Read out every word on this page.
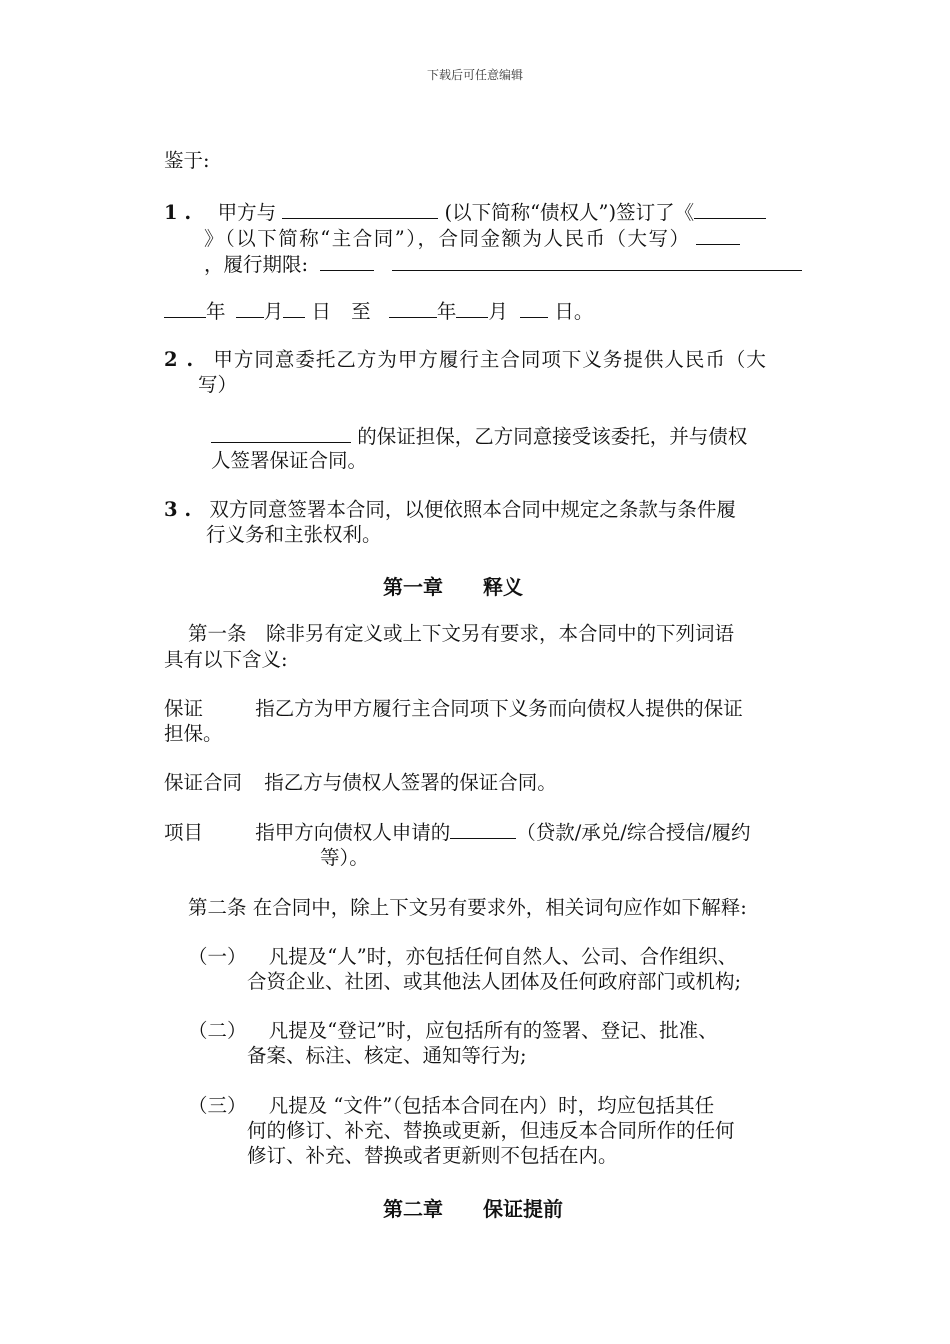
下载后可任意编辑
鉴于:
1 . 甲方与	(以下简称“债权人”)签订了《
》（以下简称“主合同”），合同金额为人民币（大写）
，履行期限:
年 月 日 至	年 月 日。
2 . 甲方同意委托乙方为甲方履行主合同项下义务提供人民币（大
写）
的保证担保，乙方同意接受该委托，并与债权
人签署保证合同。
3 . 双方同意签署本合同，以便依照本合同中规定之条款与条件履
行义务和主张权利。
第一章　　释义
第一条　除非另有定义或上下文另有要求，本合同中的下列词语
具有以下含义:
保证	指乙方为甲方履行主合同项下义务而向债权人提供的保证
担保。
保证合同 指乙方与债权人签署的保证合同。
项目	指甲方向债权人申请的	（贷款/承兑/综合授信/履约
等）。
第二条 在合同中，除上下文另有要求外，相关词句应作如下解释:
（一） 凡提及“人”时，亦包括任何自然人、公司、合作组织、
合资企业、社团、或其他法人团体及任何政府部门或机构;
（二） 凡提及“登记”时，应包括所有的签署、登记、批准、
备案、标注、核定、通知等行为;
（三） 凡提及 “文件”（包括本合同在内）时，均应包括其任
何的修订、补充、替换或更新，但违反本合同所作的任何
修订、补充、替换或者更新则不包括在内。
第二章　　保证提前
